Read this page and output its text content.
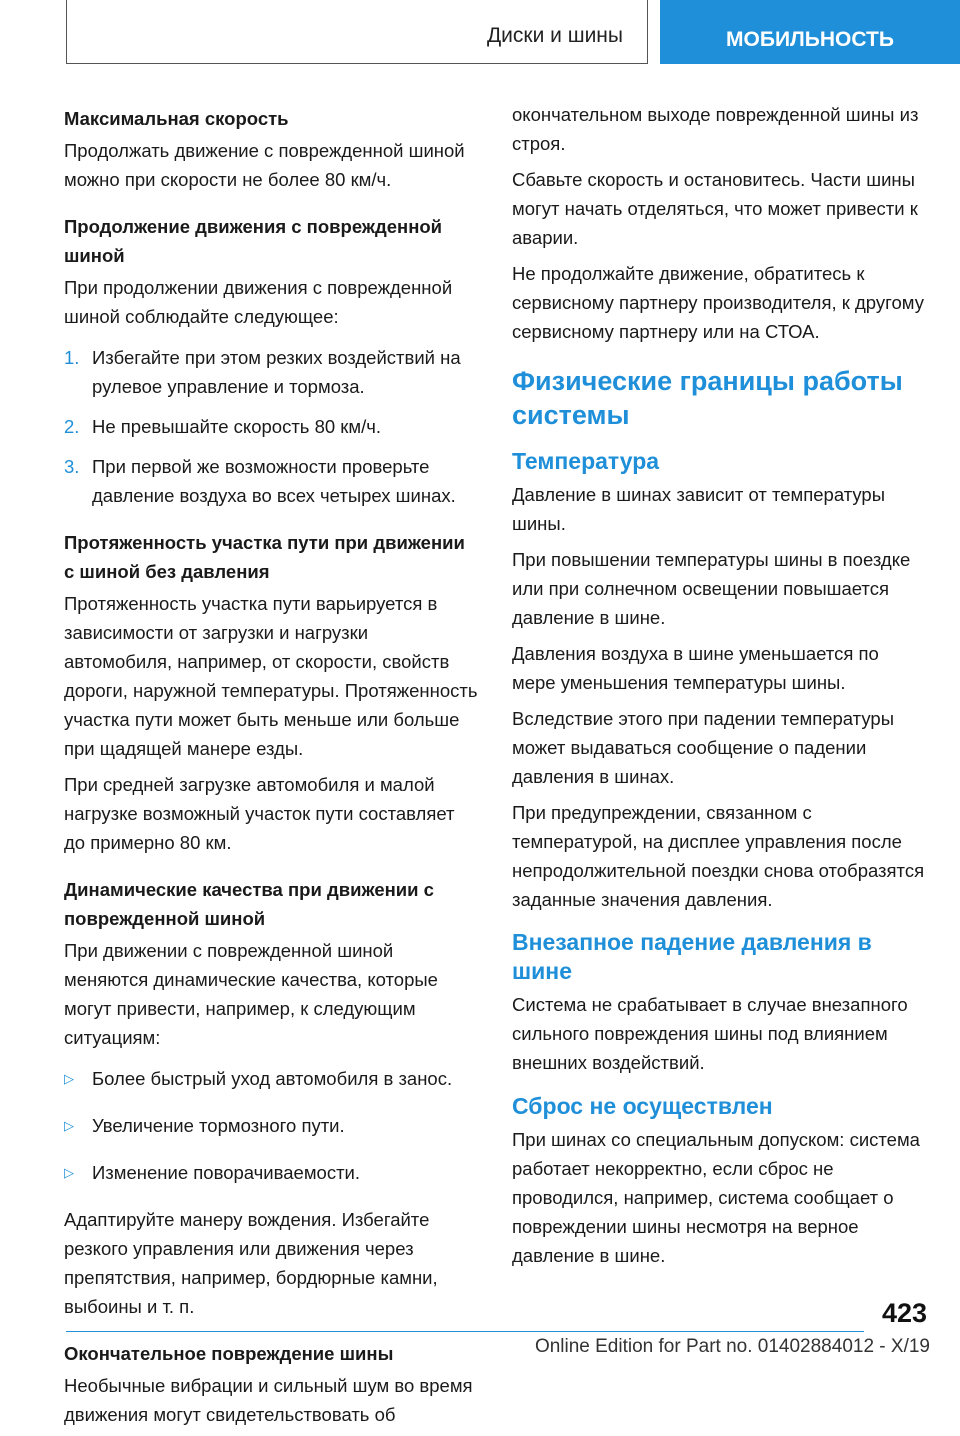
Диски и шины	МОБИЛЬНОСТЬ
Максимальная скорость

Продолжать движение с поврежденной шиной можно при скорости не более 80 км/ч.

Продолжение движения с поврежденной шиной

При продолжении движения с поврежденной шиной соблюдайте следующее:

1. Избегайте при этом резких воздействий на рулевое управление и тормоза.
2. Не превышайте скорость 80 км/ч.
3. При первой же возможности проверьте давление воздуха во всех четырех шинах.
Протяженность участка пути при движении с шиной без давления

Протяженность участка пути варьируется в зависимости от загрузки и нагрузки автомобиля, например, от скорости, свойств дороги, наружной температуры. Протяженность участка пути может быть меньше или больше при щадящей манере езды.

При средней загрузке автомобиля и малой нагрузке возможный участок пути составляет до примерно 80 км.

Динамические качества при движении с поврежденной шиной

При движении с поврежденной шиной меняются динамические качества, которые могут привести, например, к следующим ситуациям:

▷ Более быстрый уход автомобиля в занос.
▷ Увеличение тормозного пути.
▷ Изменение поворачиваемости.

Адаптируйте манеру вождения. Избегайте резкого управления или движения через препятствия, например, бордюрные камни, выбоины и т. п.

Окончательное повреждение шины

Необычные вибрации и сильный шум во время движения могут свидетельствовать об

окончательном выходе поврежденной шины из строя.

Сбавьте скорость и остановитесь. Части шины могут начать отделяться, что может привести к аварии.

Не продолжайте движение, обратитесь к сервисному партнеру производителя, к другому сервисному партнеру или на СТОА.

Физические границы работы системы
Температура

Давление в шинах зависит от температуры шины.

При повышении температуры шины в поездке или при солнечном освещении повышается давление в шине.

Давления воздуха в шине уменьшается по мере уменьшения температуры шины.

Вследствие этого при падении температуры может выдаваться сообщение о падении давления в шинах.

При предупреждении, связанном с температурой, на дисплее управления после непродолжительной поездки снова отобразятся заданные значения давления.

Внезапное падение давления в шине

Система не срабатывает в случае внезапного сильного повреждения шины под влиянием внешних воздействий.

Сброс не осуществлен

При шинах со специальным допуском: система работает некорректно, если сброс не проводился, например, система сообщает о повреждении шины несмотря на верное давление в шине.

423
Online Edition for Part no. 01402884012 - X/19
